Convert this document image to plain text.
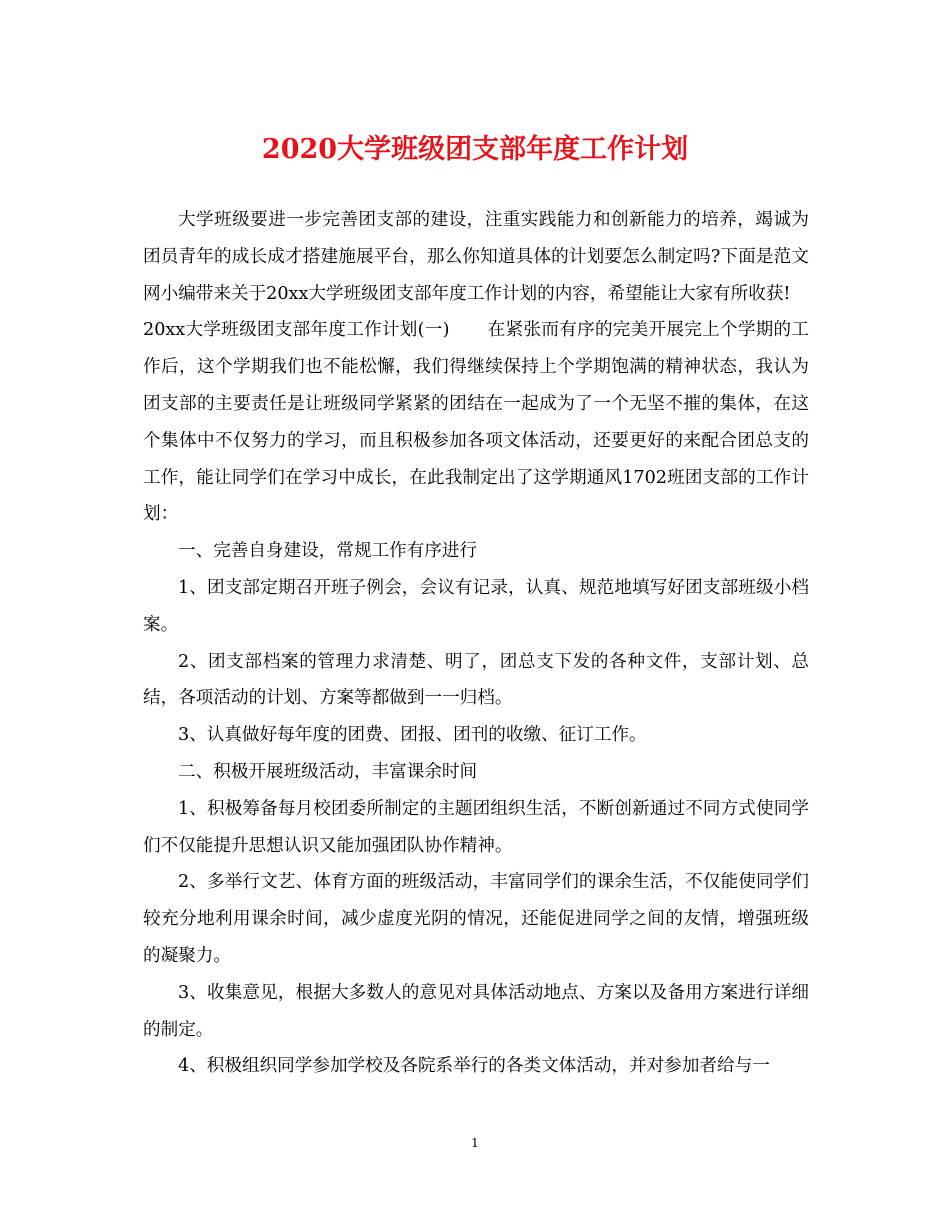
2020大学班级团支部年度工作计划

大学班级要进一步完善团支部的建设，注重实践能力和创新能力的培养，竭诚为团员青年的成长成才搭建施展平台，那么你知道具体的计划要怎么制定吗?下面是范文网小编带来关于20xx大学班级团支部年度工作计划的内容，希望能让大家有所收获!

20xx大学班级团支部年度工作计划(一) 在紧张而有序的完美开展完上个学期的工作后，这个学期我们也不能松懈，我们得继续保持上个学期饱满的精神状态，我认为团支部的主要责任是让班级同学紧紧的团结在一起成为了一个无坚不摧的集体，在这个集体中不仅努力的学习，而且积极参加各项文体活动，还要更好的来配合团总支的工作，能让同学们在学习中成长，在此我制定出了这学期通风1702班团支部的工作计划：

一、完善自身建设，常规工作有序进行

1、团支部定期召开班子例会，会议有记录，认真、规范地填写好团支部班级小档案。

2、团支部档案的管理力求清楚、明了，团总支下发的各种文件，支部计划、总结，各项活动的计划、方案等都做到一一归档。

3、认真做好每年度的团费、团报、团刊的收缴、征订工作。

二、积极开展班级活动，丰富课余时间

1、积极筹备每月校团委所制定的主题团组织生活，不断创新通过不同方式使同学们不仅能提升思想认识又能加强团队协作精神。

2、多举行文艺、体育方面的班级活动，丰富同学们的课余生活，不仅能使同学们较充分地利用课余时间，减少虚度光阴的情况，还能促进同学之间的友情，增强班级的凝聚力。

3、收集意见，根据大多数人的意见对具体活动地点、方案以及备用方案进行详细的制定。

4、积极组织同学参加学校及各院系举行的各类文体活动，并对参加者给与一

1
